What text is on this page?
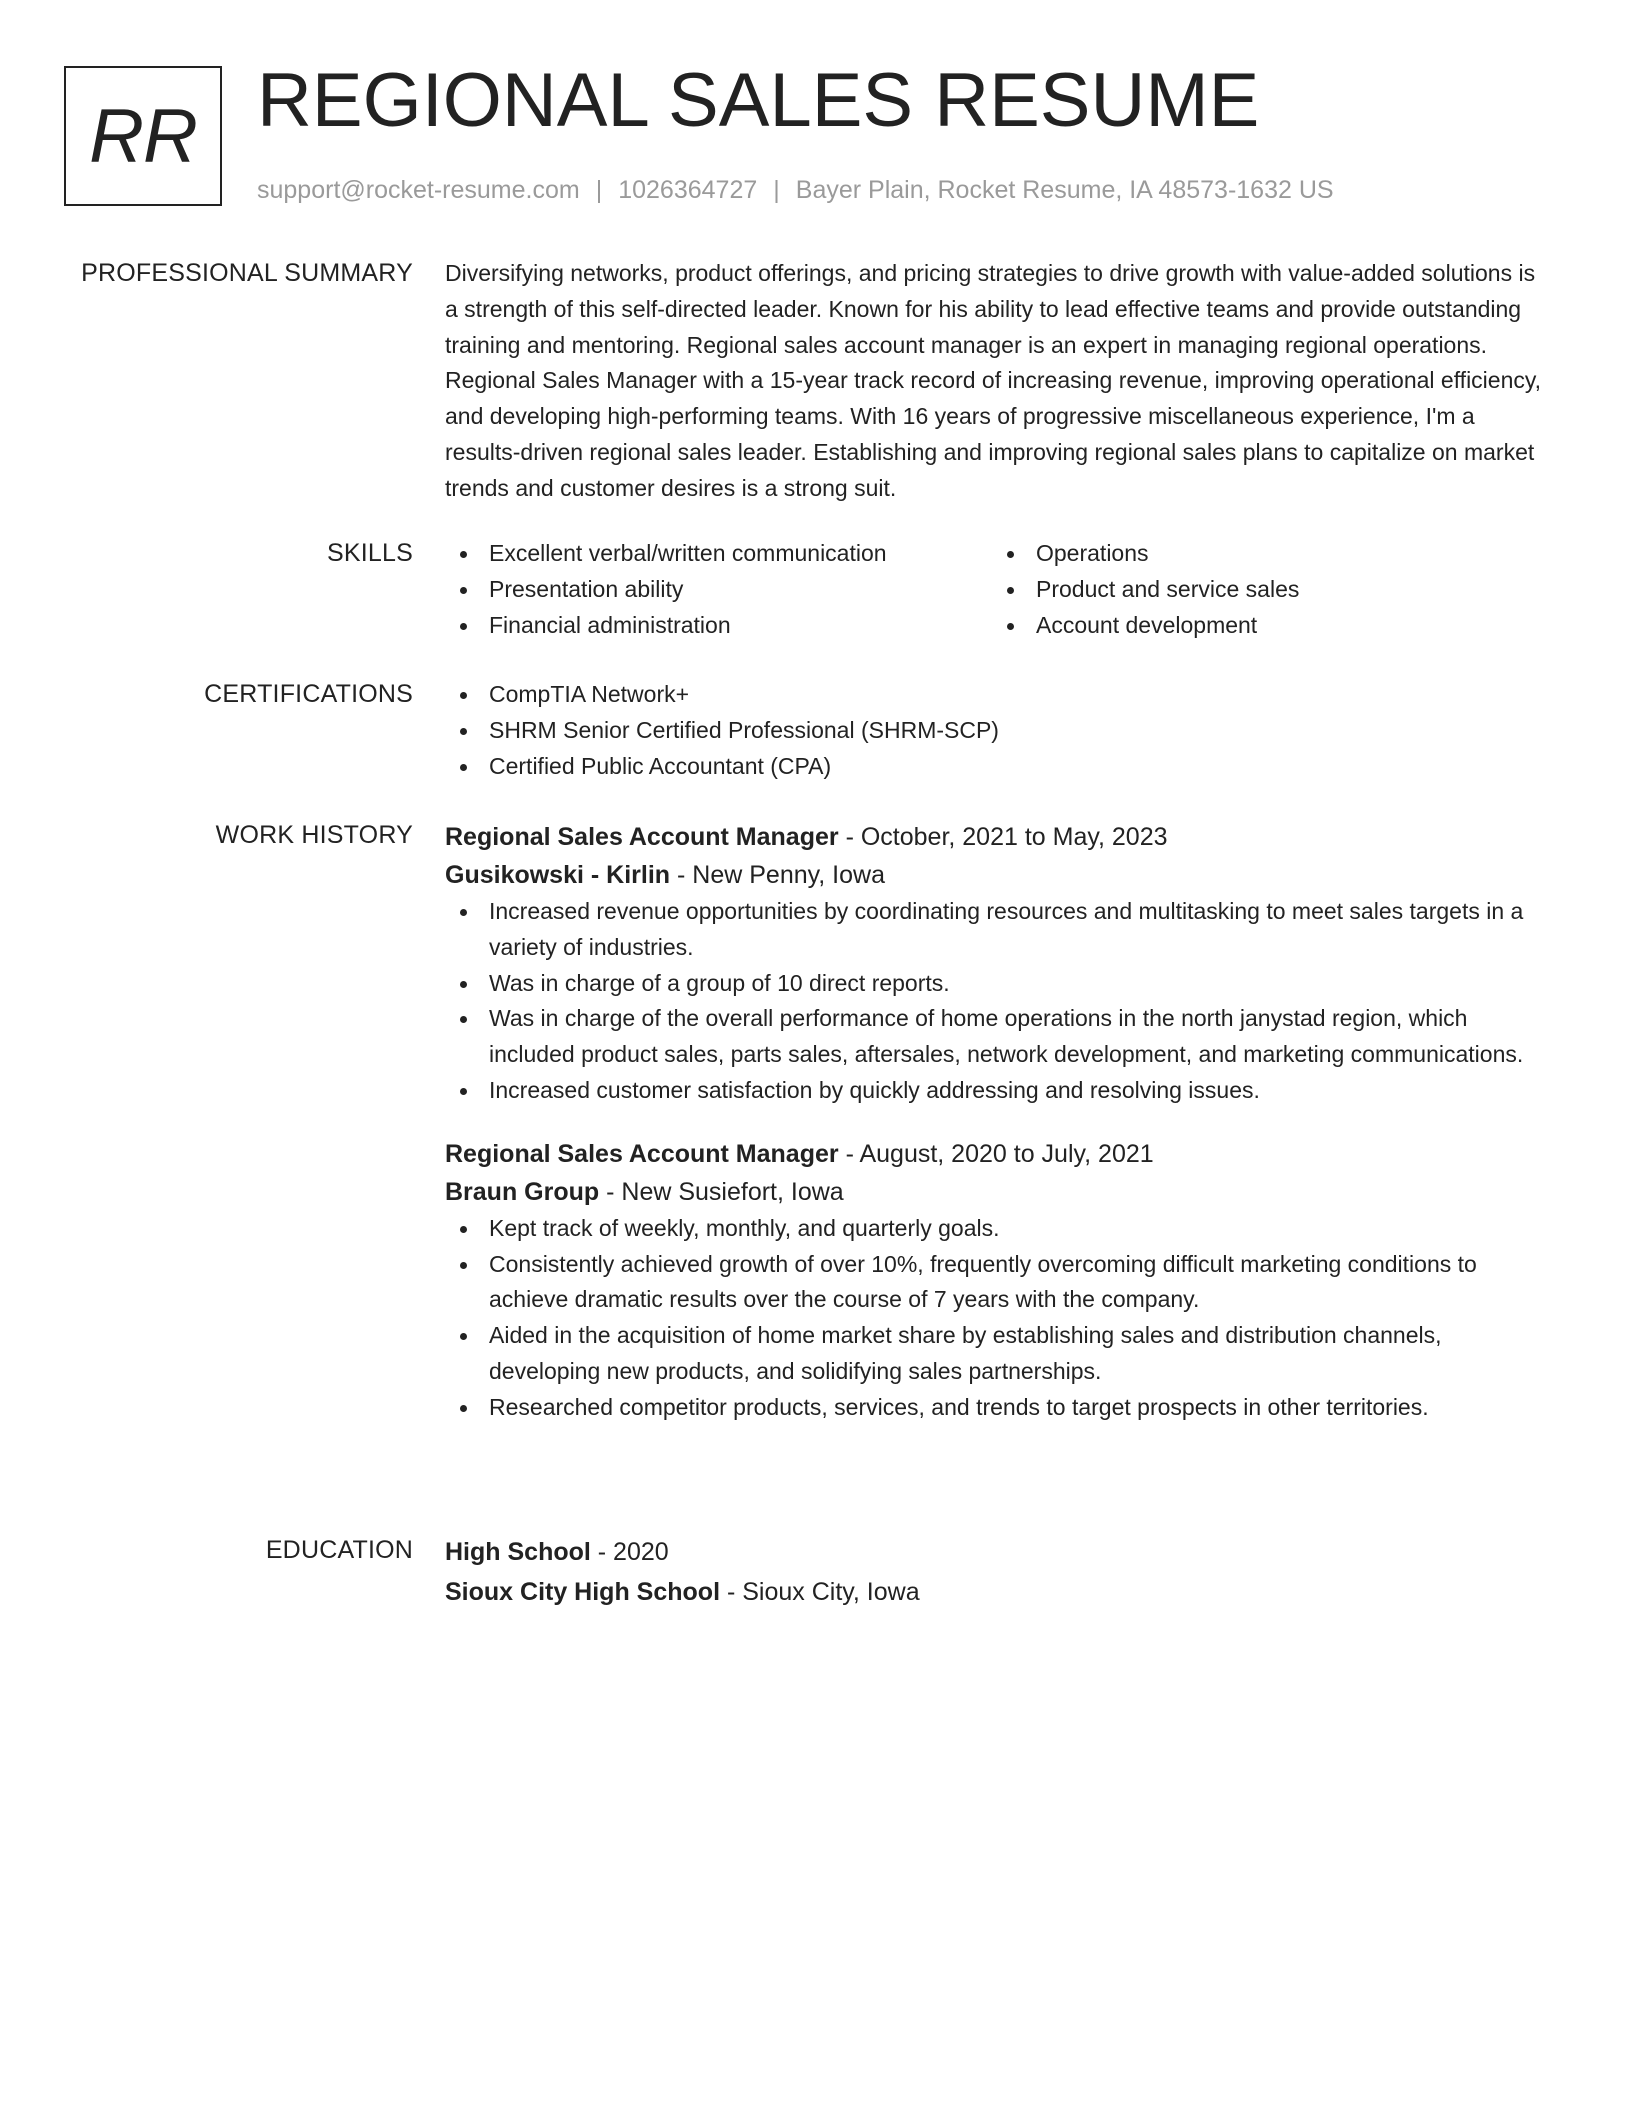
RR REGIONAL SALES RESUME
support@rocket-resume.com | 1026364727 | Bayer Plain, Rocket Resume, IA 48573-1632 US
PROFESSIONAL SUMMARY Diversifying networks, product offerings, and pricing strategies to drive growth with value-added solutions is a strength of this self-directed leader. Known for his ability to lead effective teams and provide outstanding training and mentoring. Regional sales account manager is an expert in managing regional operations. Regional Sales Manager with a 15-year track record of increasing revenue, improving operational efficiency, and developing high-performing teams. With 16 years of progressive miscellaneous experience, I'm a results-driven regional sales leader. Establishing and improving regional sales plans to capitalize on market trends and customer desires is a strong suit.

SKILLS	Excellent verbal/written communication
Presentation ability
Financial administration
Operations
Product and service sales
Account development
CERTIFICATIONS	CompTIA Network+
SHRM Senior Certified Professional (SHRM-SCP)
Certified Public Accountant (CPA)
WORK HISTORY Regional Sales Account Manager - October, 2021 to May, 2023
Gusikowski - Kirlin - New Penny, Iowa
Increased revenue opportunities by coordinating resources and multitasking to meet sales targets in a variety of industries.
Was in charge of a group of 10 direct reports.
Was in charge of the overall performance of home operations in the north janystad region, which included product sales, parts sales, aftersales, network development, and marketing communications.
Increased customer satisfaction by quickly addressing and resolving issues.
Regional Sales Account Manager - August, 2020 to July, 2021
Braun Group - New Susiefort, Iowa
Kept track of weekly, monthly, and quarterly goals.
Consistently achieved growth of over 10%, frequently overcoming difficult marketing conditions to achieve dramatic results over the course of 7 years with the company.
Aided in the acquisition of home market share by establishing sales and distribution channels, developing new products, and solidifying sales partnerships.
Researched competitor products, services, and trends to target prospects in other territories.
EDUCATION High School - 2020
Sioux City High School - Sioux City, Iowa
